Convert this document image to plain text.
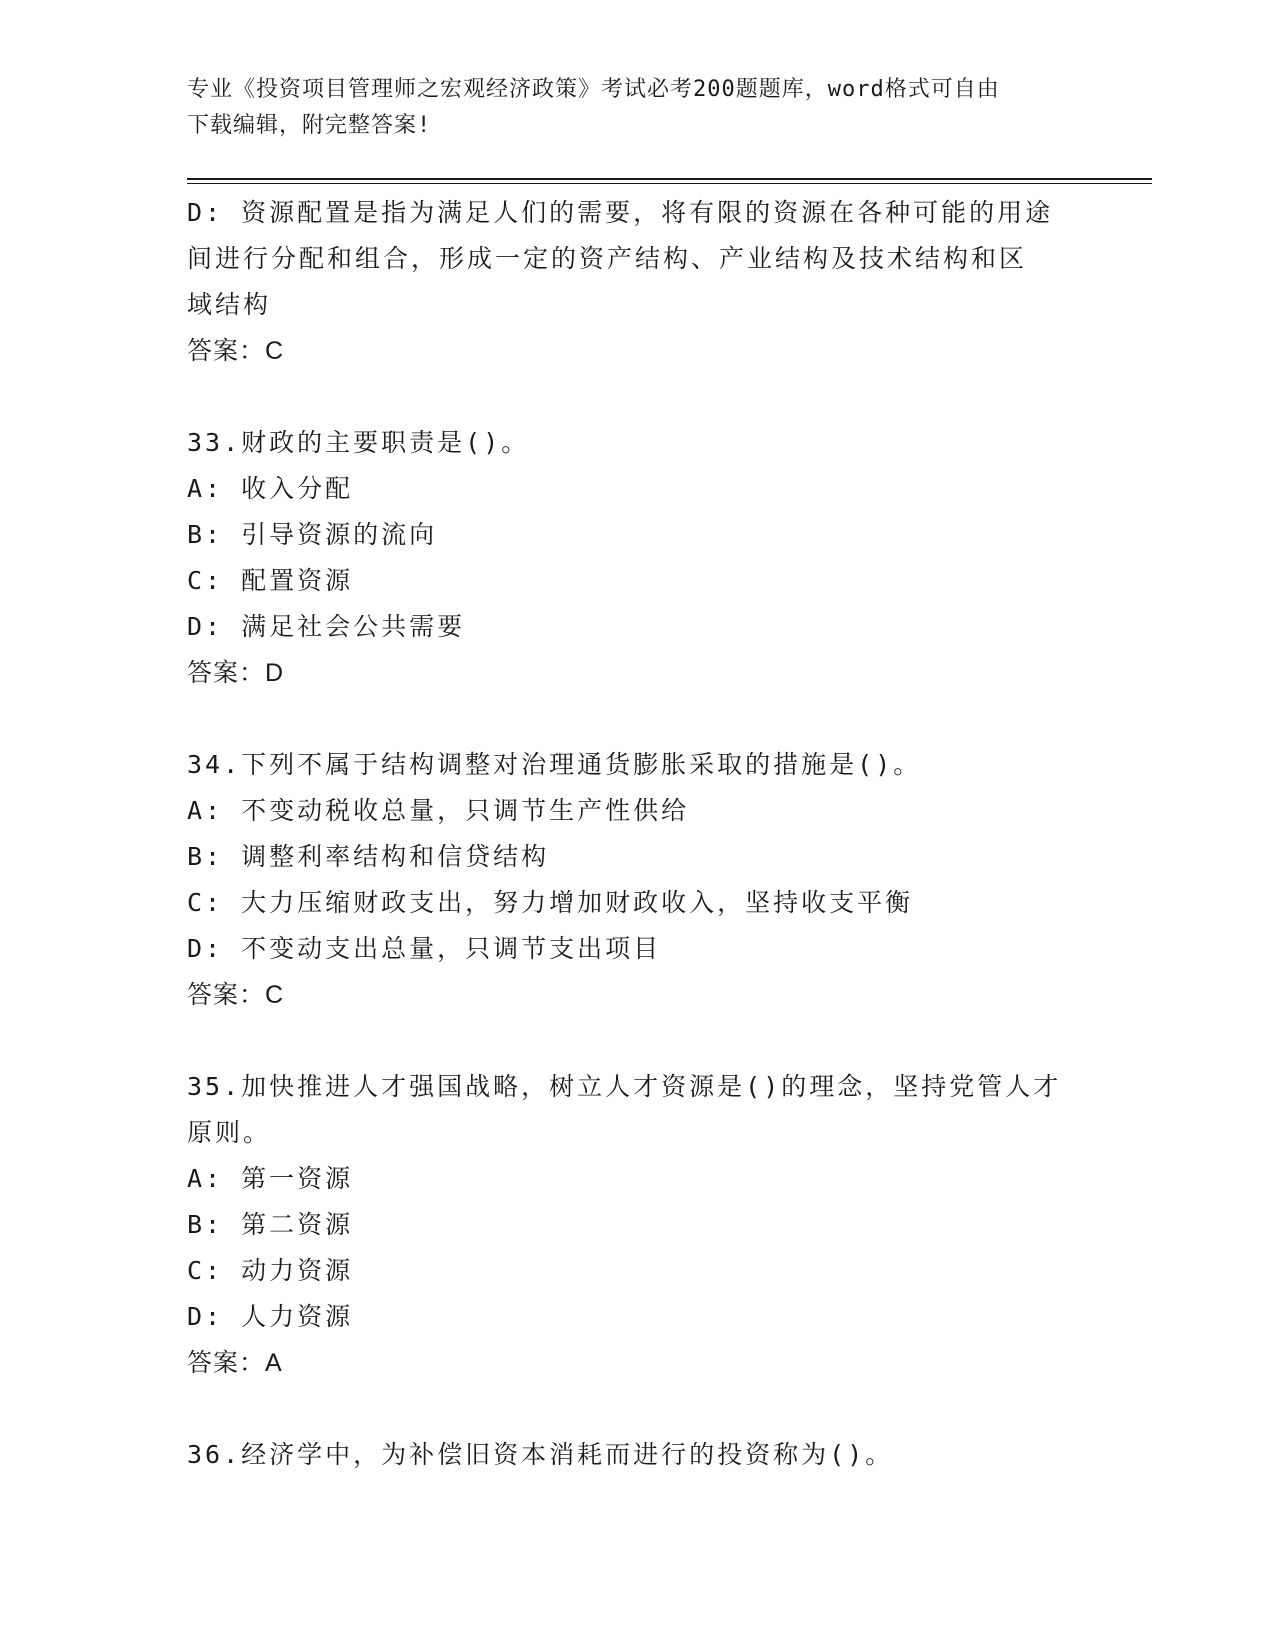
专业《投资项目管理师之宏观经济政策》考试必考200题题库，word格式可自由
下载编辑，附完整答案!
D: 资源配置是指为满足人们的需要，将有限的资源在各种可能的用途
间进行分配和组合，形成一定的资产结构、产业结构及技术结构和区
域结构
答案：C
33.财政的主要职责是()。
A: 收入分配
B: 引导资源的流向
C: 配置资源
D: 满足社会公共需要
答案：D
34.下列不属于结构调整对治理通货膨胀采取的措施是()。
A: 不变动税收总量，只调节生产性供给
B: 调整利率结构和信贷结构
C: 大力压缩财政支出，努力增加财政收入，坚持收支平衡
D: 不变动支出总量，只调节支出项目
答案：C
35.加快推进人才强国战略，树立人才资源是()的理念，坚持党管人才
原则。
A: 第一资源
B: 第二资源
C: 动力资源
D: 人力资源
答案：A
36.经济学中，为补偿旧资本消耗而进行的投资称为()。
